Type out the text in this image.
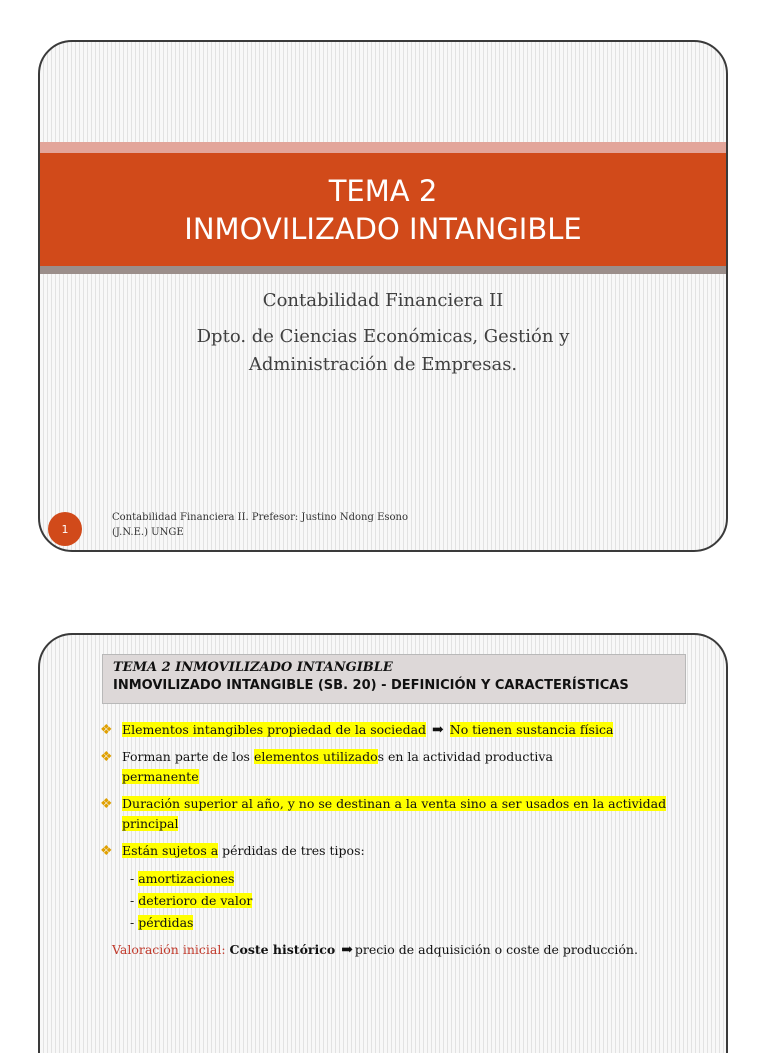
TEMA 2
INMOVILIZADO INTANGIBLE
Contabilidad Financiera II
Dpto. de Ciencias Económicas, Gestión y
Administración de Empresas.
1
Contabilidad Financiera II. Prefesor: Justino Ndong Esono
(J.N.E.) UNGE
TEMA 2 INMOVILIZADO INTANGIBLE
INMOVILIZADO INTANGIBLE (SB. 20) - DEFINICIÓN Y CARACTERÍSTICAS
❖ Elementos intangibles propiedad de la sociedad ➡ No tienen sustancia física
❖ Forman parte de los elementos utilizados en la actividad productiva
permanente
❖ Duración superior al año, y no se destinan a la venta sino a ser usados en la actividad principal
❖ Están sujetos a pérdidas de tres tipos:
- amortizaciones
- deterioro de valor
- pérdidas
Valoración inicial: Coste histórico ➡ precio de adquisición o coste de producción.
